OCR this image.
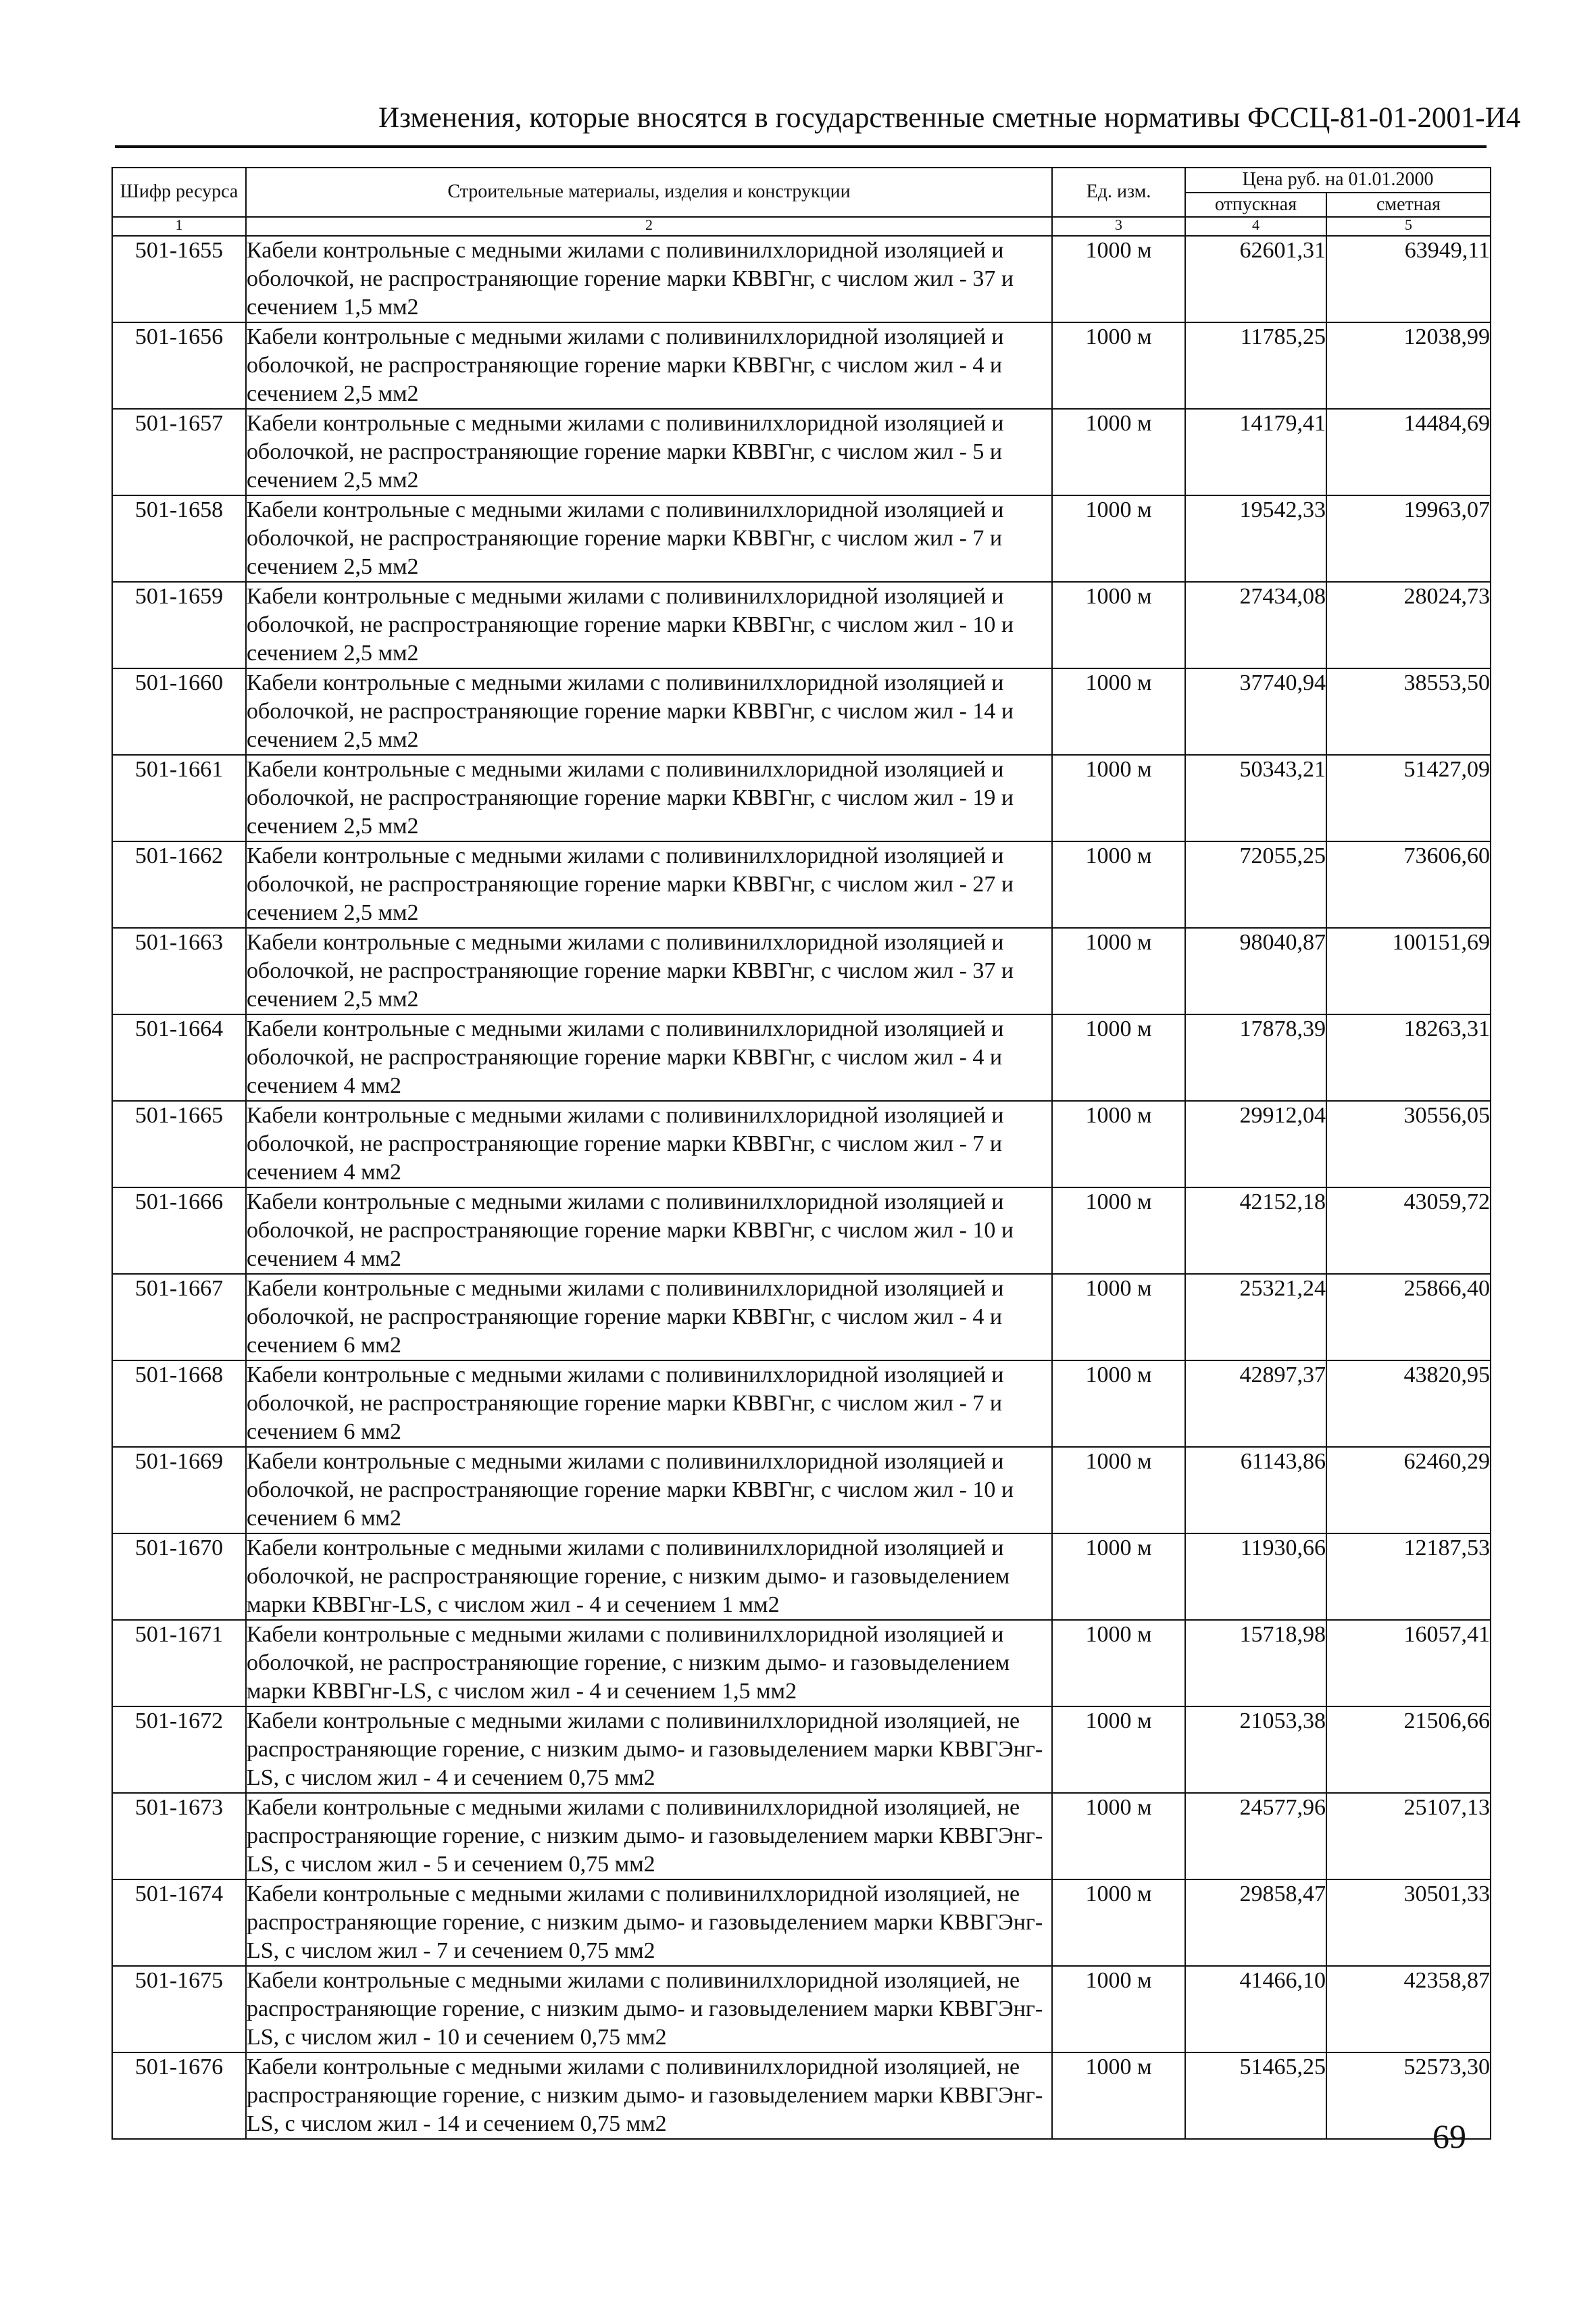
Изменения, которые вносятся в государственные сметные нормативы ФССЦ-81-01-2001-И4
Шифр ресурса	Строительные материалы, изделия и конструкции	Ед. изм.	Цена руб. на 01.01.2000	
			отпускная	сметная
1	2	3	4	5
501-1655	Кабели контрольные с медными жилами с поливинилхлоридной изоляцией и оболочкой, не распространяющие горение марки КВВГнг, с числом жил - 37 и сечением 1,5 мм2	1000 м	62601,31	63949,11
501-1656	Кабели контрольные с медными жилами с поливинилхлоридной изоляцией и оболочкой, не распространяющие горение марки КВВГнг, с числом жил - 4 и сечением 2,5 мм2	1000 м	11785,25	12038,99
501-1657	Кабели контрольные с медными жилами с поливинилхлоридной изоляцией и оболочкой, не распространяющие горение марки КВВГнг, с числом жил - 5 и сечением 2,5 мм2	1000 м	14179,41	14484,69
501-1658	Кабели контрольные с медными жилами с поливинилхлоридной изоляцией и оболочкой, не распространяющие горение марки КВВГнг, с числом жил - 7 и сечением 2,5 мм2	1000 м	19542,33	19963,07
501-1659	Кабели контрольные с медными жилами с поливинилхлоридной изоляцией и оболочкой, не распространяющие горение марки КВВГнг, с числом жил - 10 и сечением 2,5 мм2	1000 м	27434,08	28024,73
501-1660	Кабели контрольные с медными жилами с поливинилхлоридной изоляцией и оболочкой, не распространяющие горение марки КВВГнг, с числом жил - 14 и сечением 2,5 мм2	1000 м	37740,94	38553,50
501-1661	Кабели контрольные с медными жилами с поливинилхлоридной изоляцией и оболочкой, не распространяющие горение марки КВВГнг, с числом жил - 19 и сечением 2,5 мм2	1000 м	50343,21	51427,09
501-1662	Кабели контрольные с медными жилами с поливинилхлоридной изоляцией и оболочкой, не распространяющие горение марки КВВГнг, с числом жил - 27 и сечением 2,5 мм2	1000 м	72055,25	73606,60
501-1663	Кабели контрольные с медными жилами с поливинилхлоридной изоляцией и оболочкой, не распространяющие горение марки КВВГнг, с числом жил - 37 и сечением 2,5 мм2	1000 м	98040,87	100151,69
501-1664	Кабели контрольные с медными жилами с поливинилхлоридной изоляцией и оболочкой, не распространяющие горение марки КВВГнг, с числом жил - 4 и сечением 4 мм2	1000 м	17878,39	18263,31
501-1665	Кабели контрольные с медными жилами с поливинилхлоридной изоляцией и оболочкой, не распространяющие горение марки КВВГнг, с числом жил - 7 и сечением 4 мм2	1000 м	29912,04	30556,05
501-1666	Кабели контрольные с медными жилами с поливинилхлоридной изоляцией и оболочкой, не распространяющие горение марки КВВГнг, с числом жил - 10 и сечением 4 мм2	1000 м	42152,18	43059,72
501-1667	Кабели контрольные с медными жилами с поливинилхлоридной изоляцией и оболочкой, не распространяющие горение марки КВВГнг, с числом жил - 4 и сечением 6 мм2	1000 м	25321,24	25866,40
501-1668	Кабели контрольные с медными жилами с поливинилхлоридной изоляцией и оболочкой, не распространяющие горение марки КВВГнг, с числом жил - 7 и сечением 6 мм2	1000 м	42897,37	43820,95
501-1669	Кабели контрольные с медными жилами с поливинилхлоридной изоляцией и оболочкой, не распространяющие горение марки КВВГнг, с числом жил - 10 и сечением 6 мм2	1000 м	61143,86	62460,29
501-1670	Кабели контрольные с медными жилами с поливинилхлоридной изоляцией и оболочкой, не распространяющие горение, с низким дымо- и газовыделением марки КВВГнг-LS, с числом жил - 4 и сечением 1 мм2	1000 м	11930,66	12187,53
501-1671	Кабели контрольные с медными жилами с поливинилхлоридной изоляцией и оболочкой, не распространяющие горение, с низким дымо- и газовыделением марки КВВГнг-LS, с числом жил - 4 и сечением 1,5 мм2	1000 м	15718,98	16057,41
501-1672	Кабели контрольные с медными жилами с поливинилхлоридной изоляцией, не распространяющие горение, с низким дымо- и газовыделением марки КВВГЭнг-LS, с числом жил - 4 и сечением 0,75 мм2	1000 м	21053,38	21506,66
501-1673	Кабели контрольные с медными жилами с поливинилхлоридной изоляцией, не распространяющие горение, с низким дымо- и газовыделением марки КВВГЭнг-LS, с числом жил - 5 и сечением 0,75 мм2	1000 м	24577,96	25107,13
501-1674	Кабели контрольные с медными жилами с поливинилхлоридной изоляцией, не распространяющие горение, с низким дымо- и газовыделением марки КВВГЭнг-LS, с числом жил - 7 и сечением 0,75 мм2	1000 м	29858,47	30501,33
501-1675	Кабели контрольные с медными жилами с поливинилхлоридной изоляцией, не распространяющие горение, с низким дымо- и газовыделением марки КВВГЭнг-LS, с числом жил - 10 и сечением 0,75 мм2	1000 м	41466,10	42358,87
501-1676	Кабели контрольные с медными жилами с поливинилхлоридной изоляцией, не распространяющие горение, с низким дымо- и газовыделением марки КВВГЭнг-LS, с числом жил - 14 и сечением 0,75 мм2	1000 м	51465,25	52573,30
69
